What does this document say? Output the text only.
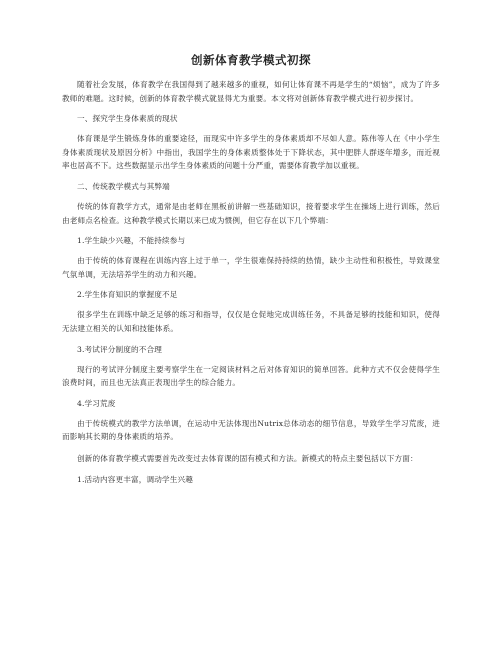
创新体育教学模式初探

随着社会发展，体育教学在我国得到了越来越多的重视，如何让体育课不再是学生的“烦恼”，成为了许多教师的难题。这时候，创新的体育教学模式就显得尤为重要。本文将对创新体育教学模式进行初步探讨。

一、探究学生身体素质的现状

体育课是学生锻炼身体的重要途径，而现实中许多学生的身体素质却不尽如人意。陈伟等人在《中小学生身体素质现状及原因分析》中指出，我国学生的身体素质整体处于下降状态，其中肥胖人群逐年增多，而近视率也居高不下。这些数据显示出学生身体素质的问题十分严重，需要体育教学加以重视。

二、传统教学模式与其弊端

传统的体育教学方式，通常是由老师在黑板前讲解一些基础知识，接着要求学生在操场上进行训练，然后由老师点名检查。这种教学模式长期以来已成为惯例，但它存在以下几个弊端：

1.学生缺少兴趣，不能持续参与

由于传统的体育课程在训练内容上过于单一，学生很难保持持续的热情，缺少主动性和积极性，导致课堂气氛单调，无法培养学生的动力和兴趣。

2.学生体育知识的掌握度不足

很多学生在训练中缺乏足够的练习和指导，仅仅是仓促地完成训练任务，不具备足够的技能和知识，使得无法建立相关的认知和技能体系。

3.考试评分制度的不合理

现行的考试评分制度主要考察学生在一定阅读材料之后对体育知识的简单回答。此种方式不仅会使得学生浪费时间，而且也无法真正表现出学生的综合能力。

4.学习荒废

由于传统模式的教学方法单调，在运动中无法体现出Nutrix总体动态的细节信息，导致学生学习荒废，进而影响其长期的身体素质的培养。

创新的体育教学模式需要首先改变过去体育课的固有模式和方法。新模式的特点主要包括以下方面：

1.活动内容更丰富，调动学生兴趣
